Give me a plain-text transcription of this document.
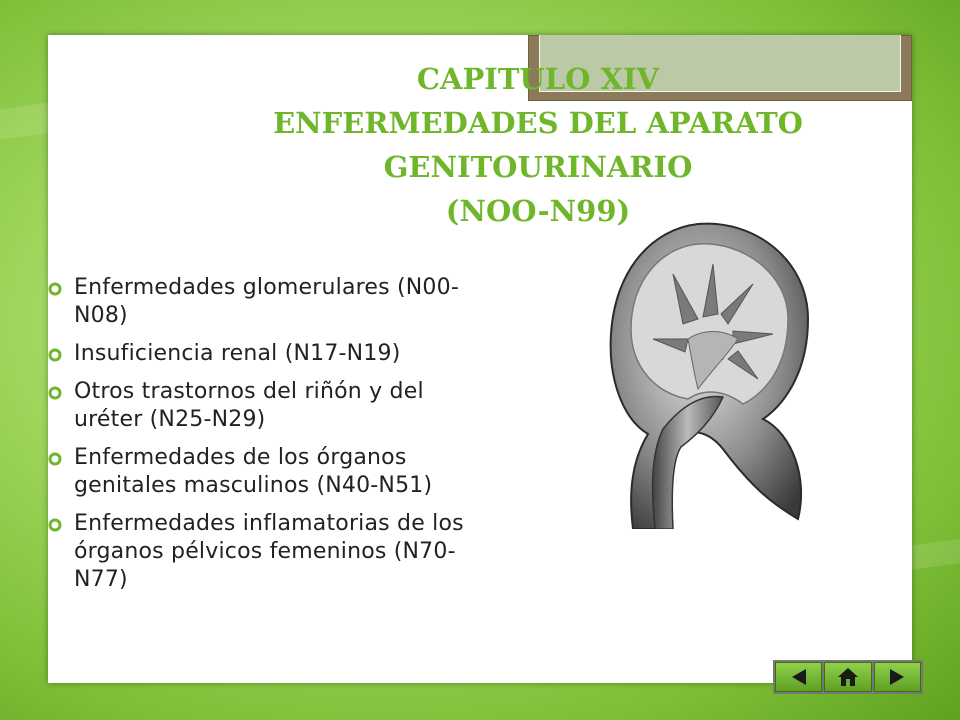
CAPITULO XIV
ENFERMEDADES DEL APARATO
GENITOURINARIO
(NOO-N99)
Enfermedades glomerulares (N00-N08)
Insuficiencia renal (N17-N19)
Otros trastornos del riñón y del uréter (N25-N29)
Enfermedades de los órganos genitales masculinos (N40-N51)
Enfermedades inflamatorias de los órganos pélvicos femeninos (N70-N77)
